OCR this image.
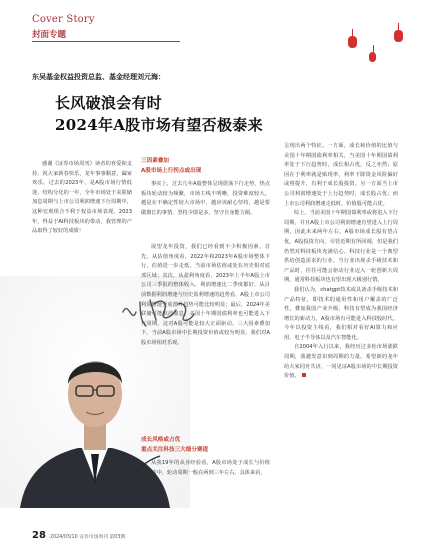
Cover Story
封面专题
东吴基金权益投资总监、基金经理刘元海：
长风破浪会有时
2024年A股市场有望否极泰来

感谢《证券市场周刊》读者的喜爱和支持，祝大家新春快乐，龙年事事顺意，阖家欢乐。过去的2023年，是A股市场行情低迷、结构分化的一年，全年市场处于美联储加息周期与上市公司利润增速下行周期中，这种宏观组合不利于权益市场表现。2023年，得益于AI科技板块的带动，我管理的产品取得了较好的成绩！

三因素叠加
A股市场上行拐点或出现

事实上，过去几年A股整体呈现震荡下行走势，热点板块轮动较为频繁，市场主线不明晰，投资难度较大。越是在不确定性较大市场中，越应该耐心坚持，越是要做擅长的事情，坚持少即是多，坚守自身能力圈。

展望龙年投资，我们已经看到不少积极因素。首先，从估值角度看，2022年和2023年A股市场整体下行，估值进一步走低，当前市场估值或处在历史相对底部区域；其次，从盈利角度看，2023年上半年A股上市公司三季报的整体收入、利润增速比二季度都好，从目前数据利润增速与历史盈利增速的趋势看，A股上市公司利润增速至底部升趋势可能比较明显；最后，2024年美联储可能取消加息，美国十年期国债利率也可能进入下行周期，这对A股可能是较大正面驱动。三大因素叠加下，当前A股市场中长期投资价值或较为明显，我们对A股市场相对乐观。

成长风格或占优
重点关注科技三大细分赛道

从我19年的从业经验看，A股市场处于成长与价值的轮动中，轮动周期一般在两到三年左右。具体来看，

呈现出两个特征。一方面，成长和价值的比值与美国十年期国债利率相关，当美国十年期国债利率处于下行趋势时，成长相占优，反之亦然；原因在于利率就是贴现率，利率下降资金风险偏好或将提升，有利于成长股投资。另一方面当上市公司利润增速处于上行趋势时，成长股占优；而上市公司利润增速走低时，价值股可能占优。

综上，当前美国十年期国债利率或将进入下行周期，并且A股上市公司利润增速有望进入上行周期，因此未来两年左右，A股市场成长股有望占优。A股投资方向，尽管近期有所回调，但是我们仍然对科技板块充满信心。科技行业是一个典型供给创造需求的行业，当行业出现杀手级技术和产品时，往往可能会驱动行业迈入一轮创新大周期，通常科技板块也有望出现大级别行情。

我们认为，chatgpt技术或具备杀手级技术和产品特征，即技术的通用性和用户覆盖的广泛性，叠加我国产业升级，科技有望成为我国经济增长的新动力，A股市场有可能进入科技股时代。今年以投资主线看，我们相对看好AI算力和应用、电子半导体以及汽车智能化。

自2004年入行以来，我经历过多轮市场涨跌周期，我越发意识到周期的力量。希望新的龙年给大家同舟共济，一同见证A股市场的中长期投资价值。

28 2024/03/10 证券市场周刊 第03期
